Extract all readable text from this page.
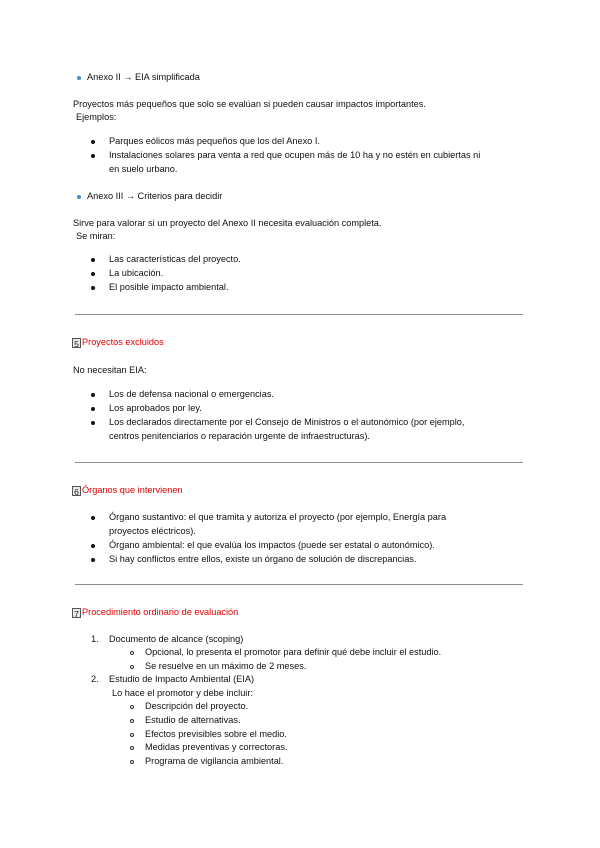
Anexo II → EIA simplificada
Proyectos más pequeños que solo se evalúan si pueden causar impactos importantes.
Ejemplos:
Parques eólicos más pequeños que los del Anexo I.
Instalaciones solares para venta a red que ocupen más de 10 ha y no estén en cubiertas ni
en suelo urbano.
Anexo III → Criterios para decidir
Sirve para valorar si un proyecto del Anexo II necesita evaluación completa.
Se miran:
Las características del proyecto.
La ubicación.
El posible impacto ambiental.
5 Proyectos excluidos
No necesitan EIA:
Los de defensa nacional o emergencias.
Los aprobados por ley.
Los declarados directamente por el Consejo de Ministros o el autonómico (por ejemplo,
centros penitenciarios o reparación urgente de infraestructuras).
6 Órganos que intervienen
Órgano sustantivo: el que tramita y autoriza el proyecto (por ejemplo, Energía para
proyectos eléctricos).
Órgano ambiental: el que evalúa los impactos (puede ser estatal o autonómico).
Si hay conflictos entre ellos, existe un órgano de solución de discrepancias.
7 Procedimiento ordinario de evaluación
1. Documento de alcance (scoping)
Opcional, lo presenta el promotor para definir qué debe incluir el estudio.
Se resuelve en un máximo de 2 meses.
2. Estudio de Impacto Ambiental (EIA)
Lo hace el promotor y debe incluir:
Descripción del proyecto.
Estudio de alternativas.
Efectos previsibles sobre el medio.
Medidas preventivas y correctoras.
Programa de vigilancia ambiental.
